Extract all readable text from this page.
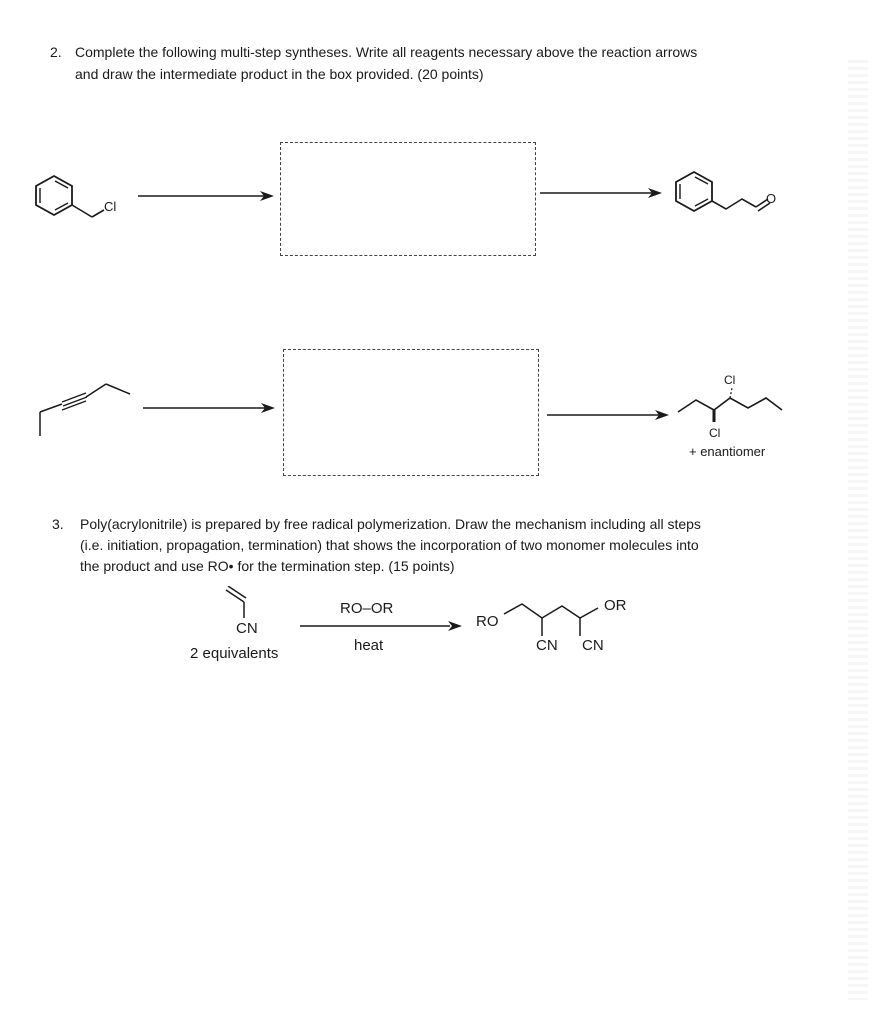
2. Complete the following multi-step syntheses. Write all reagents necessary above the reaction arrows
and draw the intermediate product in the box provided. (20 points)
Cl
O
Cl
Cl
+ enantiomer
3. Poly(acrylonitrile) is prepared by free radical polymerization. Draw the mechanism including all steps
(i.e. initiation, propagation, termination) that shows the incorporation of two monomer molecules into
the product and use RO• for the termination step. (15 points)
CN
2 equivalents
RO–OR
heat
RO
OR
CN CN
